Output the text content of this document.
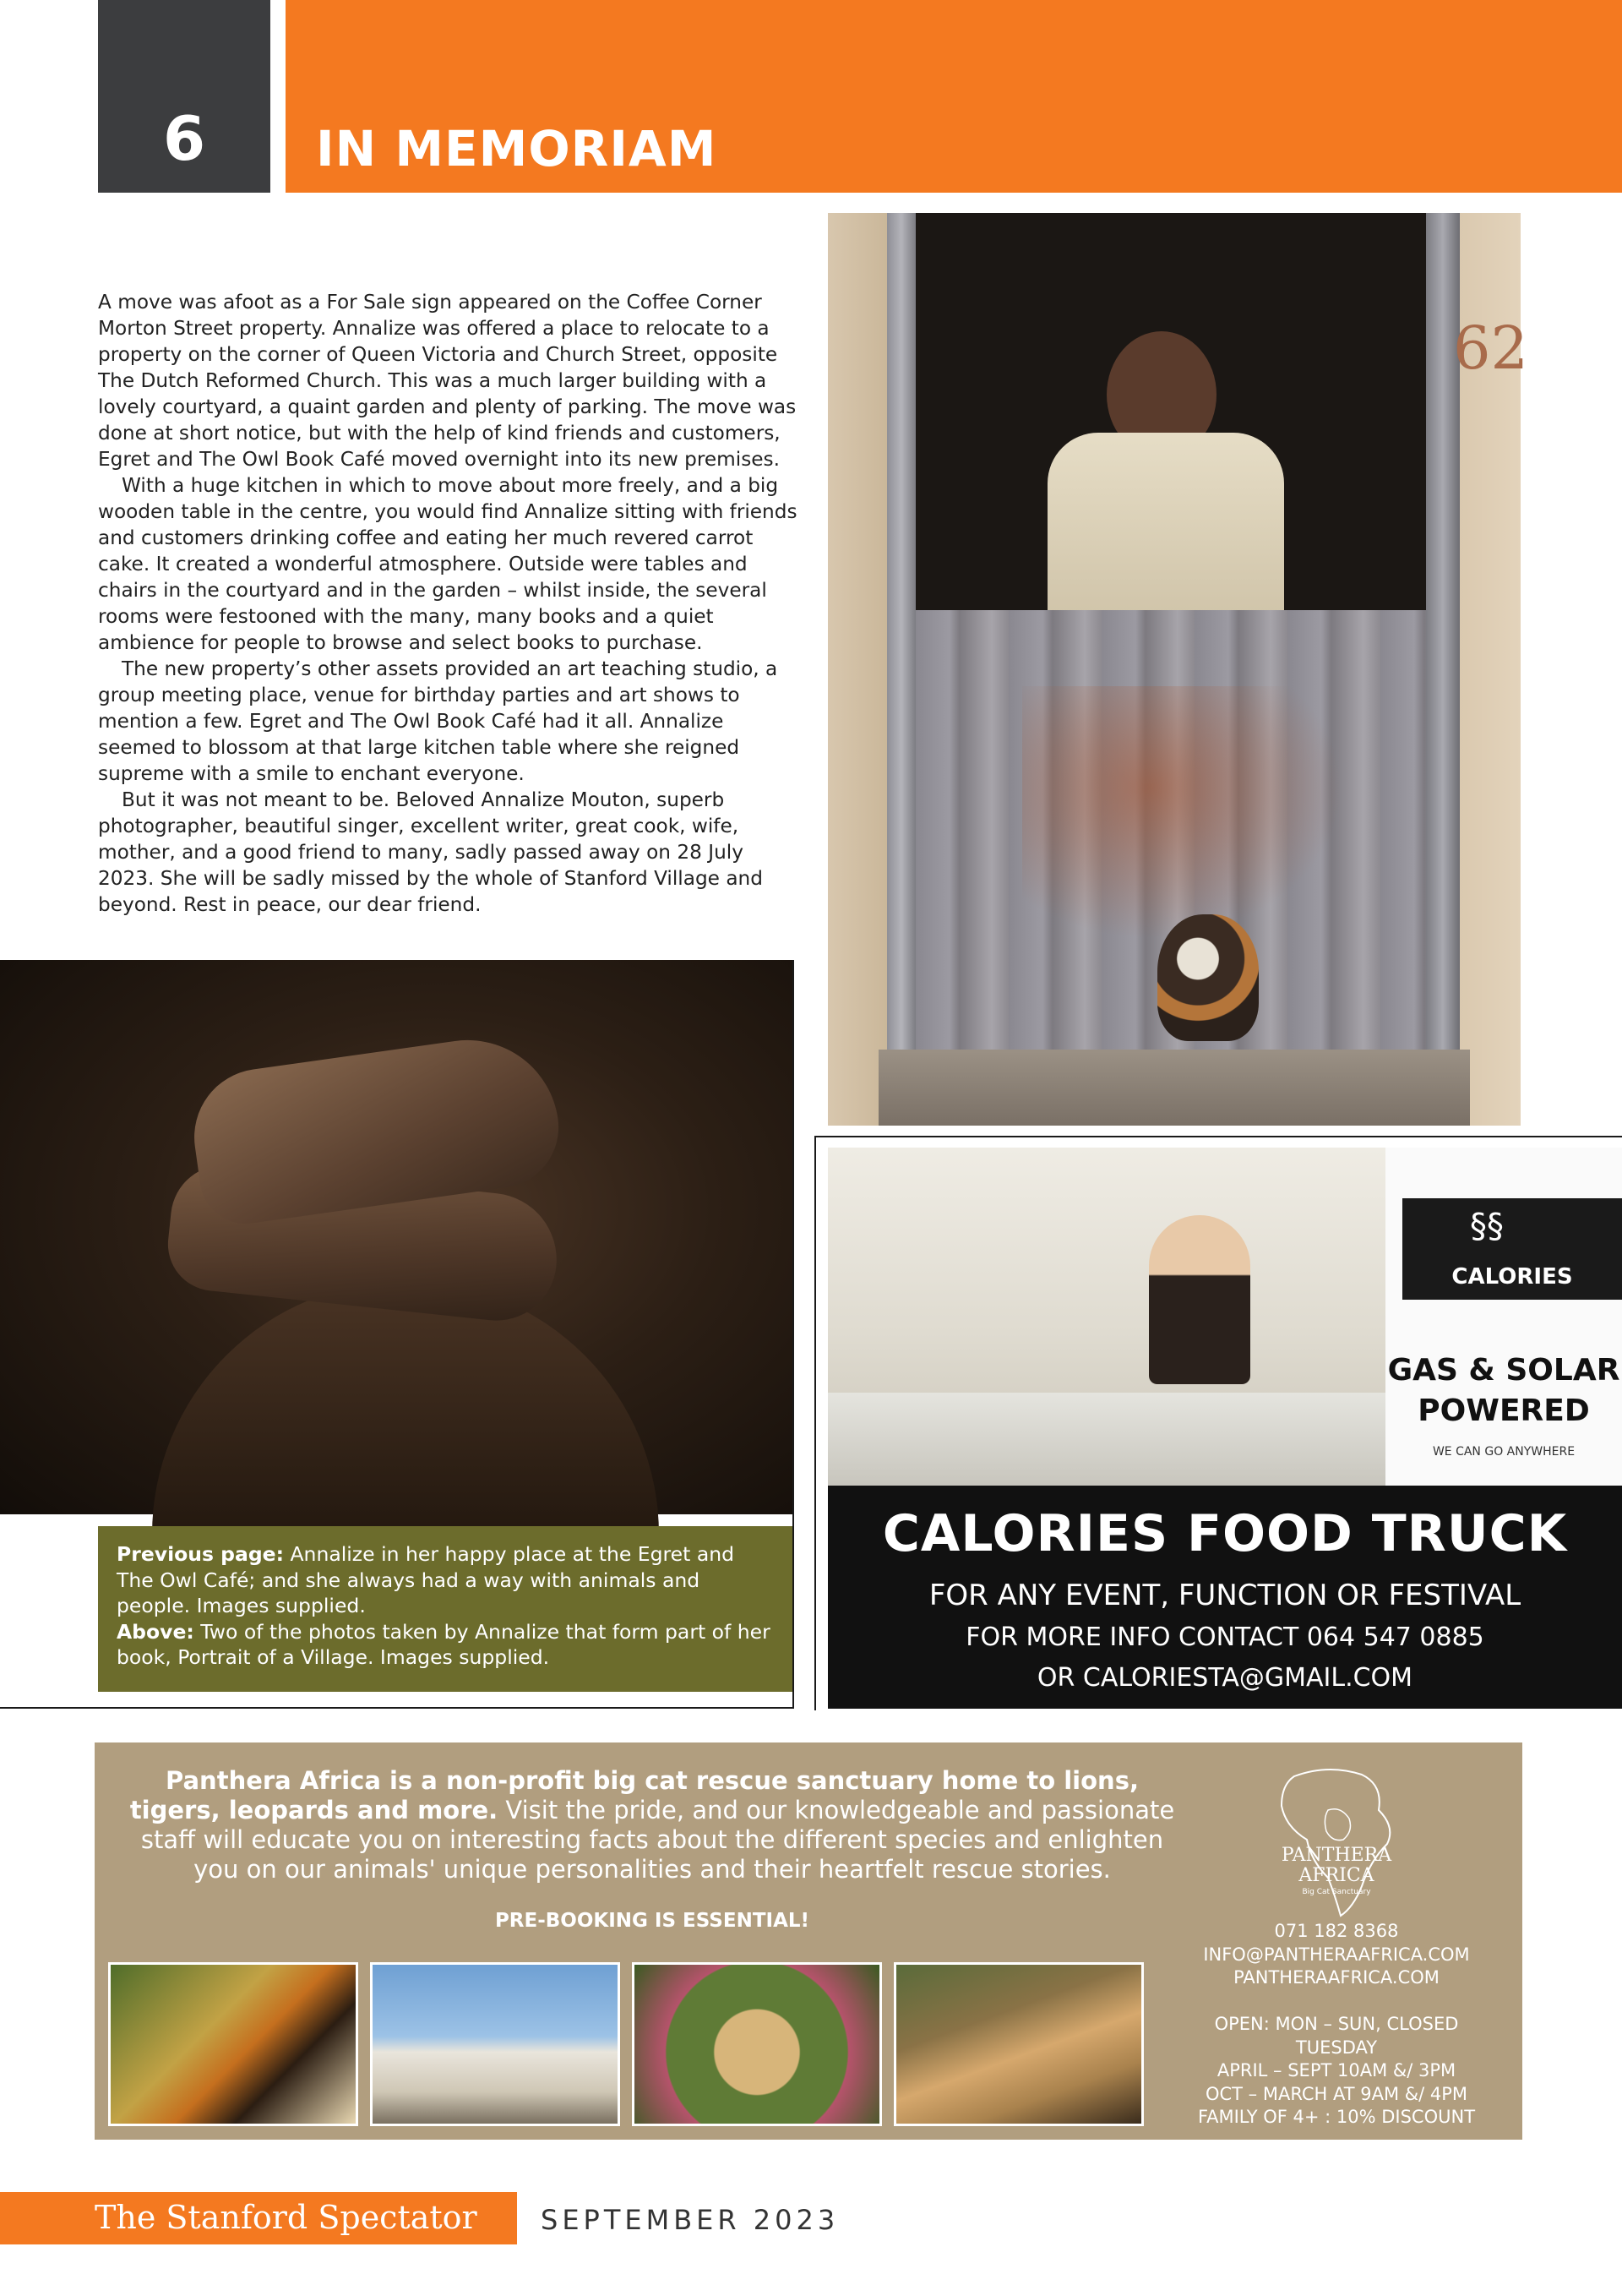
6 IN MEMORIAM

A move was afoot as a For Sale sign appeared on the Coffee Corner Morton Street property. Annalize was offered a place to relocate to a property on the corner of Queen Victoria and Church Street, opposite The Dutch Reformed Church. This was a much larger building with a lovely courtyard, a quaint garden and plenty of parking. The move was done at short notice, but with the help of kind friends and customers, Egret and The Owl Book Café moved overnight into its new premises.

With a huge kitchen in which to move about more freely, and a big wooden table in the centre, you would find Annalize sitting with friends and customers drinking coffee and eating her much revered carrot cake. It created a wonderful atmosphere. Outside were tables and chairs in the courtyard and in the garden – whilst inside, the several rooms were festooned with the many, many books and a quiet ambience for people to browse and select books to purchase.

The new property’s other assets provided an art teaching studio, a group meeting place, venue for birthday parties and art shows to mention a few. Egret and The Owl Book Café had it all. Annalize seemed to blossom at that large kitchen table where she reigned supreme with a smile to enchant everyone.

But it was not meant to be. Beloved Annalize Mouton, superb photographer, beautiful singer, excellent writer, great cook, wife, mother, and a good friend to many, sadly passed away on 28 July 2023. She will be sadly missed by the whole of Stanford Village and beyond. Rest in peace, our dear friend.

62
Previous page: Annalize in her happy place at the Egret and The Owl Café; and she always had a way with animals and people. Images supplied.
Above: Two of the photos taken by Annalize that form part of her book, Portrait of a Village. Images supplied.
CALORIES
§§
GAS & SOLAR
POWERED
WE CAN GO ANYWHERE
CALORIES FOOD TRUCK
FOR ANY EVENT, FUNCTION OR FESTIVAL
FOR MORE INFO CONTACT 064 547 0885
OR CALORIESTA@GMAIL.COM
Panthera Africa is a non-profit big cat rescue sanctuary home to lions, tigers, leopards and more. Visit the pride, and our knowledgeable and passionate staff will educate you on interesting facts about the different species and enlighten you on our animals' unique personalities and their heartfelt rescue stories.
PRE-BOOKING IS ESSENTIAL!
PANTHERA
AFRICA
Big Cat Sanctuary
071 182 8368
INFO@PANTHERAAFRICA.COM
PANTHERAAFRICA.COM

OPEN: MON – SUN, CLOSED
TUESDAY
APRIL – SEPT 10AM &/ 3PM
OCT – MARCH AT 9AM &/ 4PM
FAMILY OF 4+ : 10% DISCOUNT
The Stanford Spectator SEPTEMBER 2023
